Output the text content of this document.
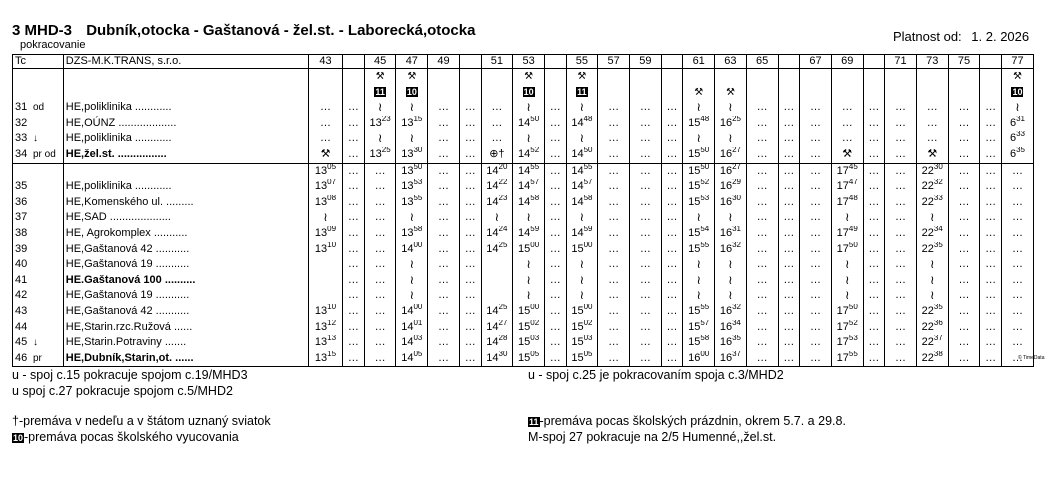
3 MHD-3 Dubník,otocka - Gaštanová - žel.st. - Laborecká,otocka
pokracovanie
Platnost od: 1. 2. 2026
Tc	DZS-M.K.TRANS, s.r.o.	43		45	47	49		51	53		55	57	59		61	63	65		67	69		71	73	75		77
				⚒	⚒				⚒		⚒															⚒
				11	10				10		11				⚒	⚒										10
31 od	HE,poliklinika ............	…	…	≀	≀	…	…	…	≀	…	≀	…	…	…	≀	≀	…	…	…	…	…	…	…	…	…	≀
32	HE,OÚNZ ...................	…	…	$13^{23}$	$13^{15}$	…	…	…	$14^{50}$	…	$14^{48}$	…	…	…	$15^{48}$	$16^{25}$	…	…	…	…	…	…	…	…	…	$6^{31}$
33 ↓	HE,poliklinika ............	…	…	≀	≀	…	…	…	≀	…	≀	…	…	…	≀	≀	…	…	…	…	…	…	…	…	…	$6^{33}$
34 pr od	HE,žel.st. ................	⚒	…	$13^{25}$	$13^{30}$	…	…	⊕†	$14^{52}$	…	$14^{50}$	…	…	…	$15^{50}$	$16^{27}$	…	…	…	⚒	…	…	⚒	…	…	$6^{35}$
		$13^{05}$	…	…	$13^{50}$	…	…	$14^{20}$	$14^{55}$	…	$14^{55}$	…	…	…	$15^{50}$	$16^{27}$	…	…	…	$17^{45}$	…	…	$22^{30}$	…	…	…
35	HE,poliklinika ............	$13^{07}$	…	…	$13^{53}$	…	…	$14^{22}$	$14^{57}$	…	$14^{57}$	…	…	…	$15^{52}$	$16^{29}$	…	…	…	$17^{47}$	…	…	$22^{32}$	…	…	…
36	HE,Komenského ul. .........	$13^{08}$	…	…	$13^{55}$	…	…	$14^{23}$	$14^{58}$	…	$14^{58}$	…	…	…	$15^{53}$	$16^{30}$	…	…	…	$17^{48}$	…	…	$22^{33}$	…	…	…
37	HE,SAD ....................	≀	…	…	≀	…	…	≀	≀	…	≀	…	…	…	≀	≀	…	…	…	≀	…	…	≀	…	…	…
38	HE, Agrokomplex ...........	$13^{09}$	…	…	$13^{58}$	…	…	$14^{24}$	$14^{59}$	…	$14^{59}$	…	…	…	$15^{54}$	$16^{31}$	…	…	…	$17^{49}$	…	…	$22^{34}$	…	…	…
39	HE,Gaštanová 42 ...........	$13^{10}$	…	…	$14^{00}$	…	…	$14^{25}$	$15^{00}$	…	$15^{00}$	…	…	…	$15^{55}$	$16^{32}$	…	…	…	$17^{50}$	…	…	$22^{35}$	…	…	…
40	HE,Gaštanová 19 ...........		…	…	≀	…	…		≀	…	≀	…	…	…	≀	≀	…	…	…	≀	…	…	≀	…	…	…
41	HE.Gaštanová 100 ..........		…	…	≀	…	…		≀	…	≀	…	…	…	≀	≀	…	…	…	≀	…	…	≀	…	…	…
42	HE,Gaštanová 19 ...........		…	…	≀	…	…		≀	…	≀	…	…	…	≀	≀	…	…	…	≀	…	…	≀	…	…	…
43	HE,Gaštanová 42 ...........	$13^{10}$	…	…	$14^{00}$	…	…	$14^{25}$	$15^{00}$	…	$15^{00}$	…	…	…	$15^{55}$	$16^{32}$	…	…	…	$17^{50}$	…	…	$22^{35}$	…	…	…
44	HE,Starin.rzc.Ružová ......	$13^{12}$	…	…	$14^{01}$	…	…	$14^{27}$	$15^{02}$	…	$15^{02}$	…	…	…	$15^{57}$	$16^{34}$	…	…	…	$17^{52}$	…	…	$22^{36}$	…	…	…
45 ↓	HE,Starin.Potraviny .......	$13^{13}$	…	…	$14^{03}$	…	…	$14^{28}$	$15^{03}$	…	$15^{03}$	…	…	…	$15^{58}$	$16^{35}$	…	…	…	$17^{53}$	…	…	$22^{37}$	…	…	…
46 pr	HE,Dubník,Starin,ot. ......	$13^{15}$	…	…	$14^{05}$	…	…	$14^{30}$	$15^{05}$	…	$15^{05}$	…	…	…	$16^{00}$	$16^{37}$	…	…	…	$17^{55}$	…	…	$22^{38}$	…	…	…
© TimeData
u - spoj c.15 pokracuje spojom c.19/MHD3
u spoj c.27 pokracuje spojom c.5/MHD2
u - spoj c.25 je pokracovaním spoja c.3/MHD2
†-premáva v nedeľu a v štátom uznaný sviatok
10-premáva pocas školského vyucovania
11-premáva pocas školských prázdnin, okrem 5.7. a 29.8.
M-spoj 27 pokracuje na 2/5 Humenné,,žel.st.
